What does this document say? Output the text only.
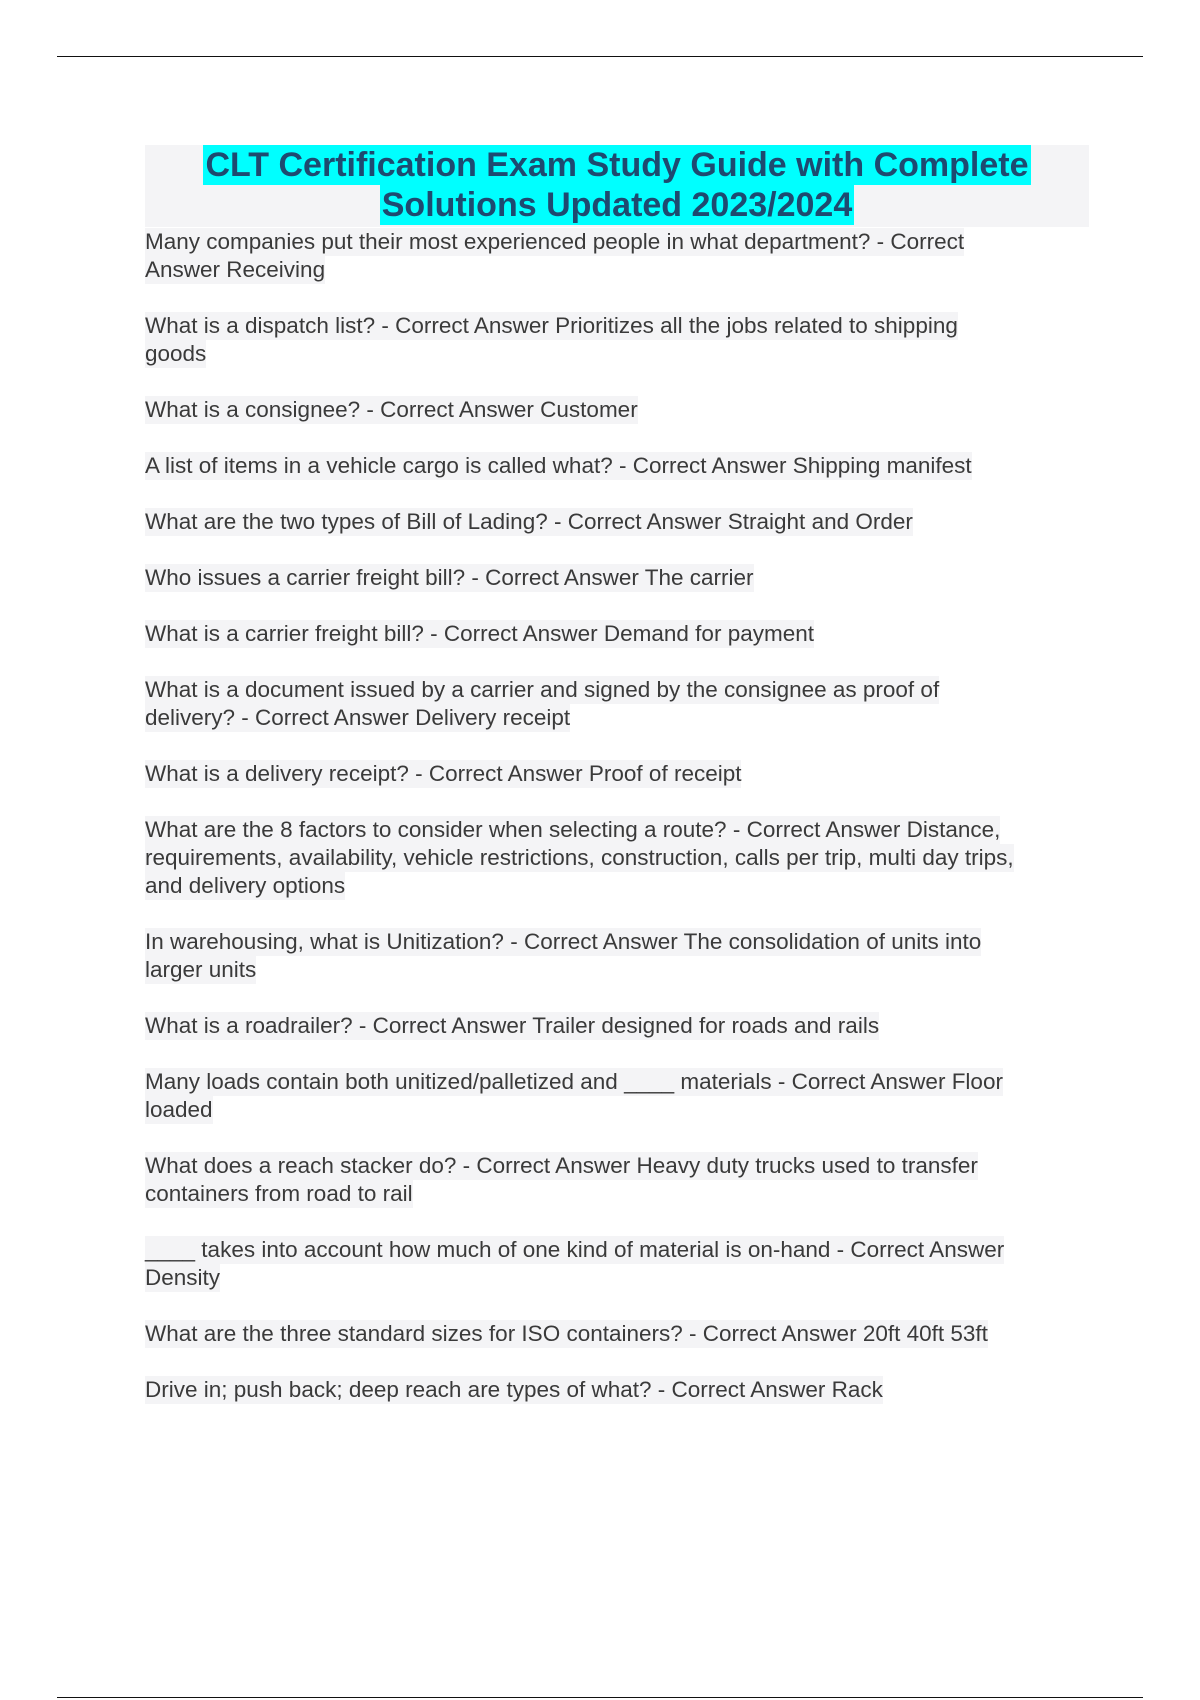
CLT Certification Exam Study Guide with Complete
Solutions Updated 2023/2024
Many companies put their most experienced people in what department? - Correct
Answer Receiving
What is a dispatch list? - Correct Answer Prioritizes all the jobs related to shipping
goods
What is a consignee? - Correct Answer Customer
A list of items in a vehicle cargo is called what? - Correct Answer Shipping manifest
What are the two types of Bill of Lading? - Correct Answer Straight and Order
Who issues a carrier freight bill? - Correct Answer The carrier
What is a carrier freight bill? - Correct Answer Demand for payment
What is a document issued by a carrier and signed by the consignee as proof of
delivery? - Correct Answer Delivery receipt
What is a delivery receipt? - Correct Answer Proof of receipt
What are the 8 factors to consider when selecting a route? - Correct Answer Distance,
requirements, availability, vehicle restrictions, construction, calls per trip, multi day trips,
and delivery options
In warehousing, what is Unitization? - Correct Answer The consolidation of units into
larger units
What is a roadrailer? - Correct Answer Trailer designed for roads and rails
Many loads contain both unitized/palletized and ____ materials - Correct Answer Floor
loaded
What does a reach stacker do? - Correct Answer Heavy duty trucks used to transfer
containers from road to rail
____ takes into account how much of one kind of material is on-hand - Correct Answer
Density
What are the three standard sizes for ISO containers? - Correct Answer 20ft 40ft 53ft
Drive in; push back; deep reach are types of what? - Correct Answer Rack
